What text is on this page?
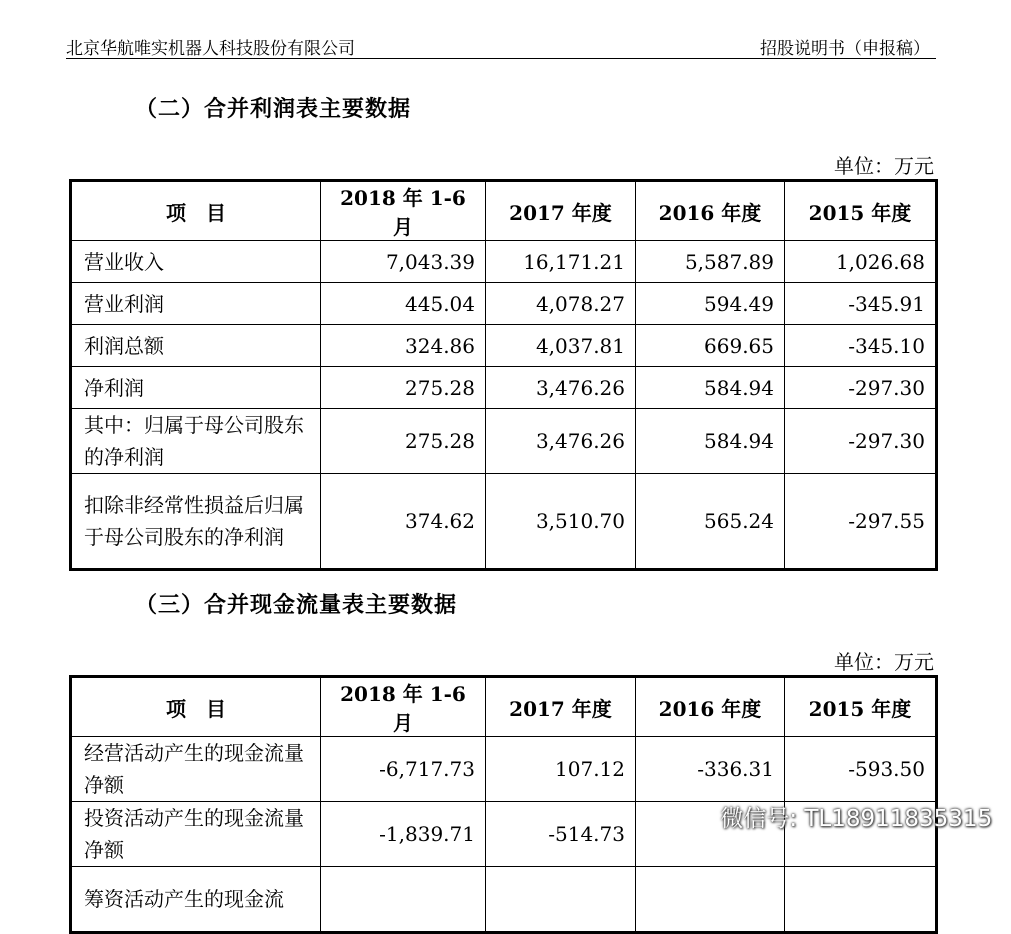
北京华航唯实机器人科技股份有限公司	招股说明书（申报稿）
（二）合并利润表主要数据
单位：万元
项　目	2018 年 1-6 月	2017 年度	2016 年度	2015 年度
营业收入	7,043.39	16,171.21	5,587.89	1,026.68
营业利润	445.04	4,078.27	594.49	-345.91
利润总额	324.86	4,037.81	669.65	-345.10
净利润	275.28	3,476.26	584.94	-297.30
其中：归属于母公司股东的净利润	275.28	3,476.26	584.94	-297.30
扣除非经常性损益后归属于母公司股东的净利润	374.62	3,510.70	565.24	-297.55
（三）合并现金流量表主要数据
单位：万元
项　目	2018 年 1-6 月	2017 年度	2016 年度	2015 年度
经营活动产生的现金流量净额	-6,717.73	107.12	-336.31	-593.50
投资活动产生的现金流量净额	-1,839.71	-514.73		
筹资活动产生的现金流				
微信号: TL18911835315
